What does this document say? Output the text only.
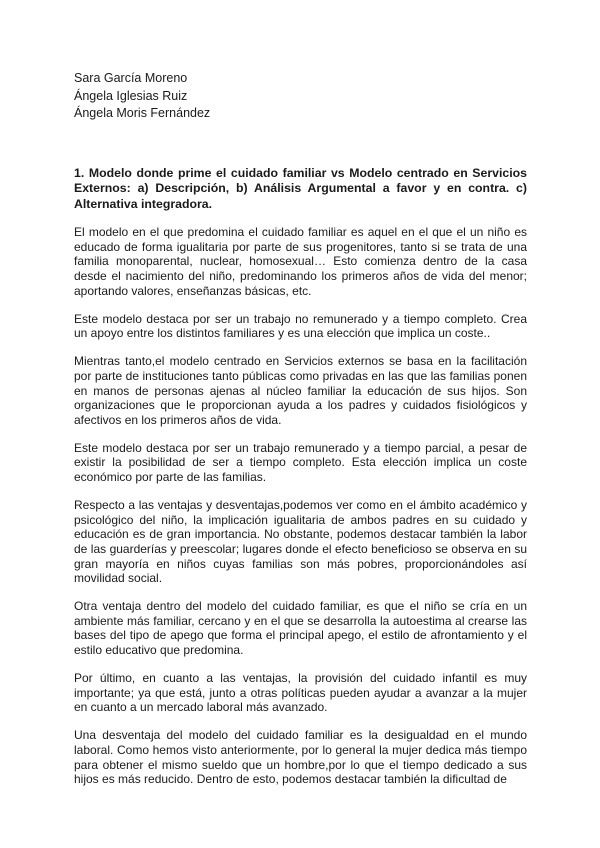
Sara García Moreno
Ángela Iglesias Ruiz
Ángela Moris Fernández

1. Modelo donde prime el cuidado familiar vs Modelo centrado en Servicios Externos: a) Descripción, b) Análisis Argumental a favor y en contra. c) Alternativa integradora.

El modelo en el que predomina el cuidado familiar es aquel en el que el un niño es educado de forma igualitaria por parte de sus progenitores, tanto si se trata de una familia monoparental, nuclear, homosexual… Esto comienza dentro de la casa desde el nacimiento del niño, predominando los primeros años de vida del menor; aportando valores, enseñanzas básicas, etc.

Este modelo destaca por ser un trabajo no remunerado y a tiempo completo. Crea un apoyo entre los distintos familiares y es una elección que implica un coste..

Mientras tanto,el modelo centrado en Servicios externos se basa en la facilitación por parte de instituciones tanto públicas como privadas en las que las familias ponen en manos de personas ajenas al núcleo familiar la educación de sus hijos. Son organizaciones que le proporcionan ayuda a los padres y cuidados fisiológicos y afectivos en los primeros años de vida.

Este modelo destaca por ser un trabajo remunerado y a tiempo parcial, a pesar de existir la posibilidad de ser a tiempo completo. Esta elección implica un coste económico por parte de las familias.

Respecto a las ventajas y desventajas,podemos ver como en el ámbito académico y psicológico del niño, la implicación igualitaria de ambos padres en su cuidado y educación es de gran importancia. No obstante, podemos destacar también la labor de las guarderías y preescolar; lugares donde el efecto beneficioso se observa en su gran mayoría en niños cuyas familias son más pobres, proporcionándoles así movilidad social.

Otra ventaja dentro del modelo del cuidado familiar, es que el niño se cría en un ambiente más familiar, cercano y en el que se desarrolla la autoestima al crearse las bases del tipo de apego que forma el principal apego, el estilo de afrontamiento y el estilo educativo que predomina.

Por último, en cuanto a las ventajas, la provisión del cuidado infantil es muy importante; ya que está, junto a otras políticas pueden ayudar a avanzar a la mujer en cuanto a un mercado laboral más avanzado.

Una desventaja del modelo del cuidado familiar es la desigualdad en el mundo laboral. Como hemos visto anteriormente, por lo general la mujer dedica más tiempo para obtener el mismo sueldo que un hombre,por lo que el tiempo dedicado a sus hijos es más reducido. Dentro de esto, podemos destacar también la dificultad de
